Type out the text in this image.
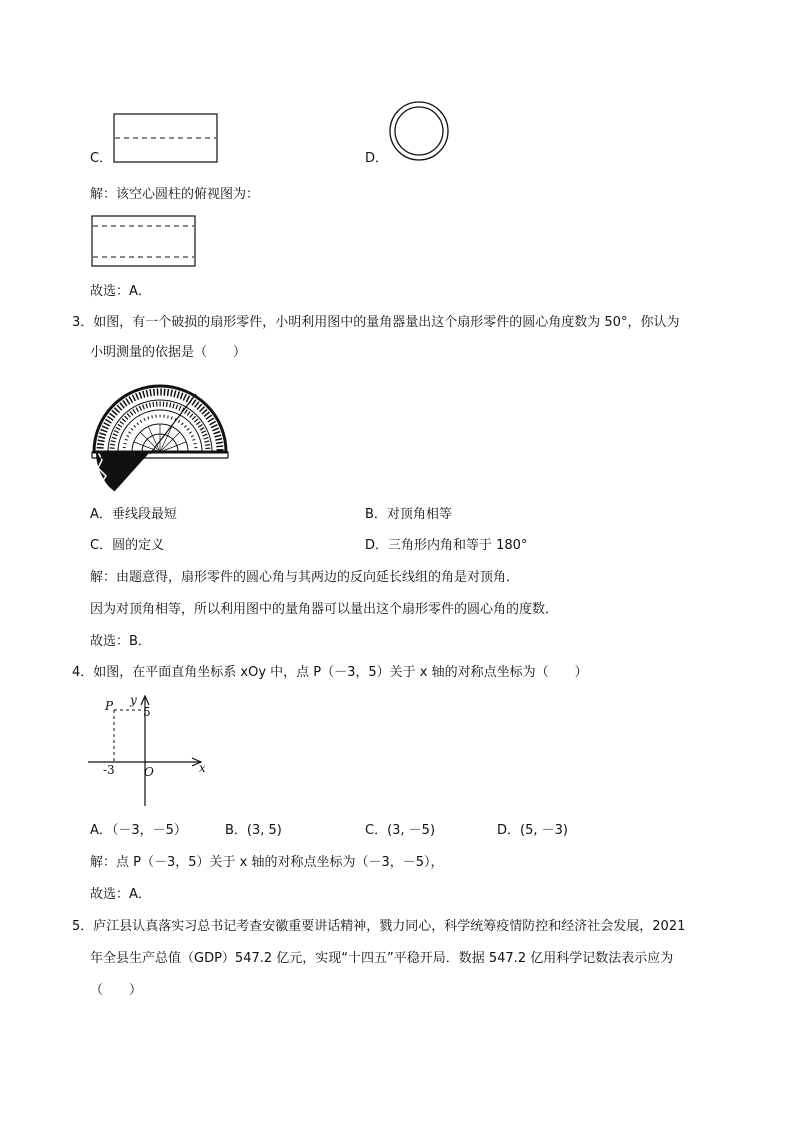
C．	D．
解：该空心圆柱的俯视图为：
故选：A．
3．如图，有一个破损的扇形零件，小明利用图中的量角器量出这个扇形零件的圆心角度数为 50°，你认为
小明测量的依据是（　　）
A．垂线段最短	B．对顶角相等
C．圆的定义	D．三角形内角和等于 180°
解：由题意得，扇形零件的圆心角与其两边的反向延长线组的角是对顶角．
因为对顶角相等，所以利用图中的量角器可以量出这个扇形零件的圆心角的度数．
故选：B．
4．如图，在平面直角坐标系 xOy 中，点 P（－3，5）关于 x 轴的对称点坐标为（　　）
P y
5
x
-3 O
A．（－3，－5）	B．(3, 5)	C．(3, －5)	D．(5, －3)
解：点 P（－3，5）关于 x 轴的对称点坐标为（－3，－5），
故选：A．
5．庐江县认真落实习总书记考查安徽重要讲话精神，戮力同心，科学统筹疫情防控和经济社会发展，2021
年全县生产总值（GDP）547.2 亿元，实现“十四五”平稳开局．数据 547.2 亿用科学记数法表示应为
（　　）
